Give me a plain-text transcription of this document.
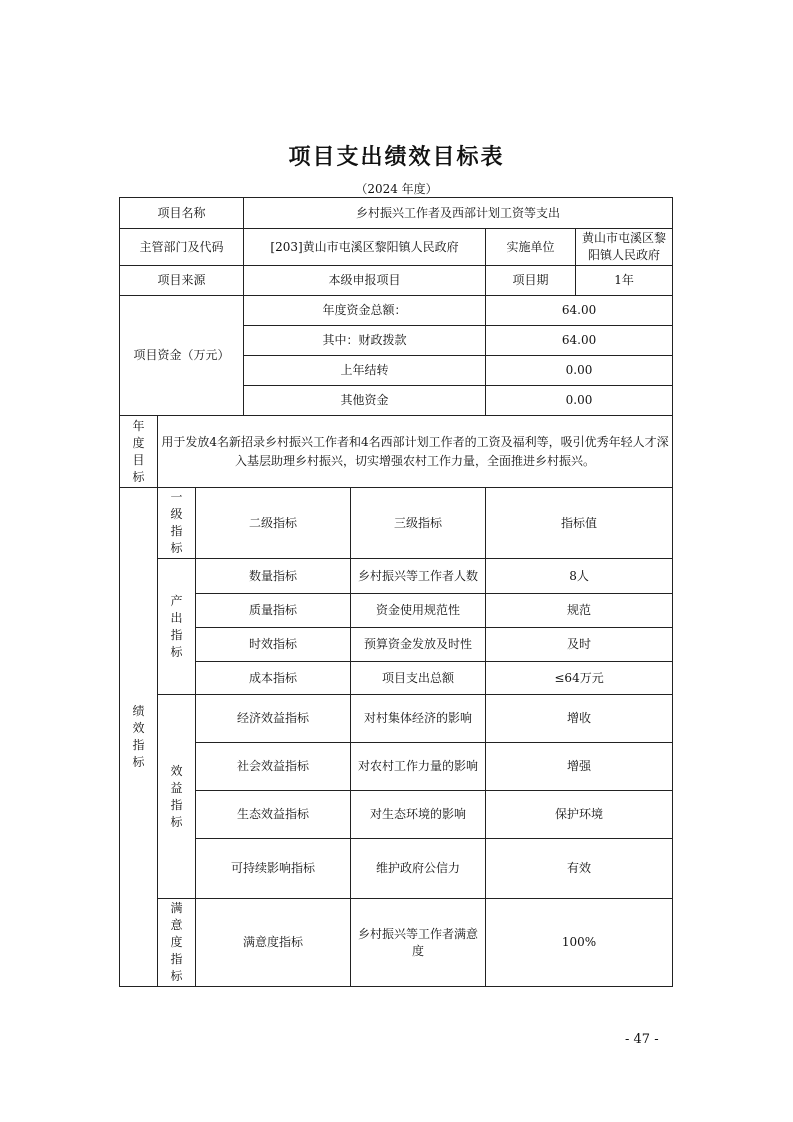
项目支出绩效目标表
（2024 年度）
项目名称			乡村振兴工作者及西部计划工资等支出			
主管部门及代码			[203]黄山市屯溪区黎阳镇人民政府		实施单位	黄山市屯溪区黎阳镇人民政府
项目来源			本级申报项目		项目期	1年
项目资金（万元）			年度资金总额：		64.00	
			其中：财政拨款		64.00	
			上年结转		0.00	
			其他资金		0.00	
年度目标	用于发放4名新招录乡村振兴工作者和4名西部计划工作者的工资及福利等，吸引优秀年轻人才深入基层助理乡村振兴，切实增强农村工作力量，全面推进乡村振兴。					
绩效指标	一级指标	二级指标		三级指标	指标值	
	产出指标	数量指标		乡村振兴等工作者人数	8人	
		质量指标		资金使用规范性	规范	
		时效指标		预算资金发放及时性	及时	
		成本指标		项目支出总额	≤64万元	
	效益指标	经济效益指标		对村集体经济的影响	增收	
		社会效益指标		对农村工作力量的影响	增强	
		生态效益指标		对生态环境的影响	保护环境	
		可持续影响指标		维护政府公信力	有效	
	满意度指标	满意度指标		乡村振兴等工作者满意度	100%	
- 47 -
